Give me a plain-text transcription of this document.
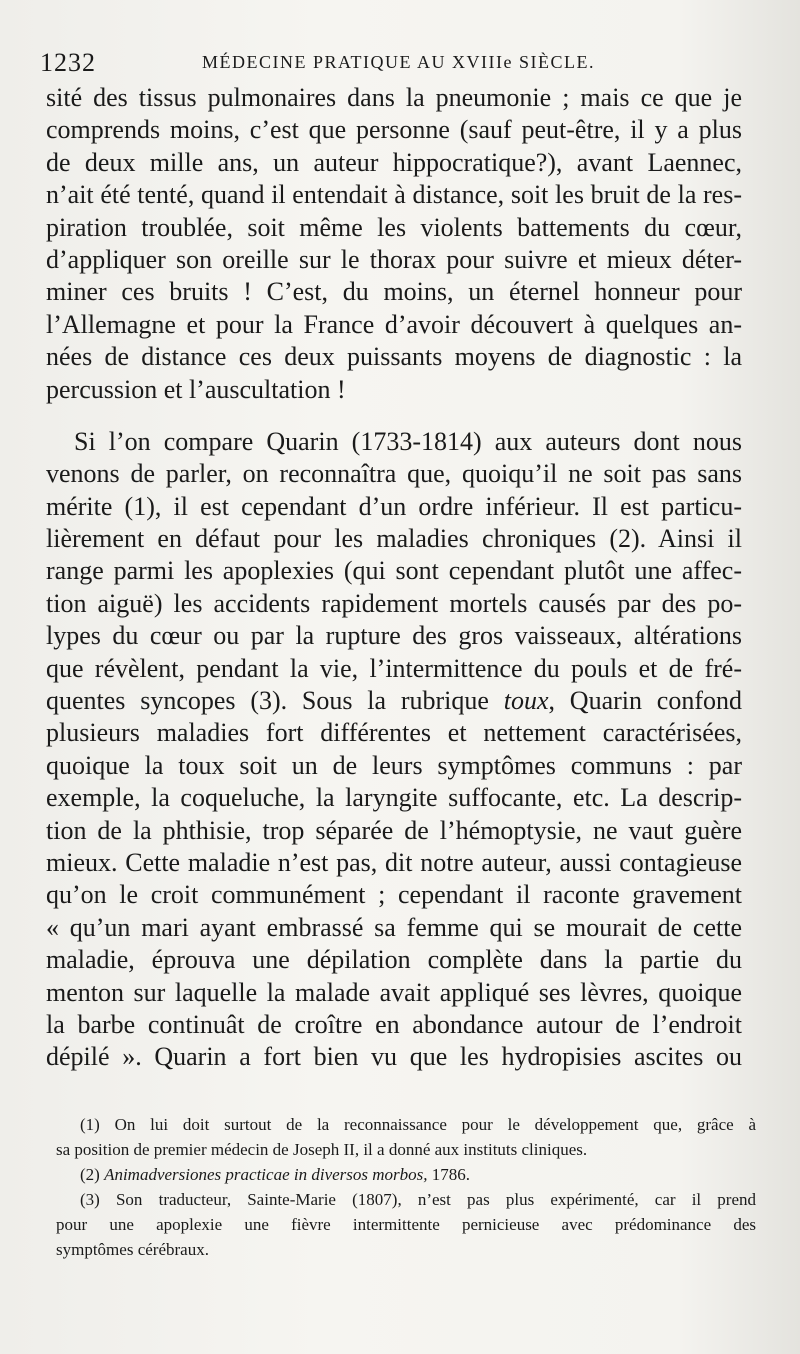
1232	MÉDECINE PRATIQUE AU XVIIIe SIÈCLE.
sité des tissus pulmonaires dans la pneumonie ; mais ce que je
comprends moins, c’est que personne (sauf peut-être, il y a plus
de deux mille ans, un auteur hippocratique?), avant Laennec,
n’ait été tenté, quand il entendait à distance, soit les bruit de la res-
piration troublée, soit même les violents battements du cœur,
d’appliquer son oreille sur le thorax pour suivre et mieux déter-
miner ces bruits ! C’est, du moins, un éternel honneur pour
l’Allemagne et pour la France d’avoir découvert à quelques an-
nées de distance ces deux puissants moyens de diagnostic : la
percussion et l’auscultation !
Si l’on compare Quarin (1733-1814) aux auteurs dont nous
venons de parler, on reconnaîtra que, quoiqu’il ne soit pas sans
mérite (1), il est cependant d’un ordre inférieur. Il est particu-
lièrement en défaut pour les maladies chroniques (2). Ainsi il
range parmi les apoplexies (qui sont cependant plutôt une affec-
tion aiguë) les accidents rapidement mortels causés par des po-
lypes du cœur ou par la rupture des gros vaisseaux, altérations
que révèlent, pendant la vie, l’intermittence du pouls et de fré-
quentes syncopes (3). Sous la rubrique toux, Quarin confond
plusieurs maladies fort différentes et nettement caractérisées,
quoique la toux soit un de leurs symptômes communs : par
exemple, la coqueluche, la laryngite suffocante, etc. La descrip-
tion de la phthisie, trop séparée de l’hémoptysie, ne vaut guère
mieux. Cette maladie n’est pas, dit notre auteur, aussi contagieuse
qu’on le croit communément ; cependant il raconte gravement
« qu’un mari ayant embrassé sa femme qui se mourait de cette
maladie, éprouva une dépilation complète dans la partie du
menton sur laquelle la malade avait appliqué ses lèvres, quoique
la barbe continuât de croître en abondance autour de l’endroit
dépilé ». Quarin a fort bien vu que les hydropisies ascites ou
(1) On lui doit surtout de la reconnaissance pour le développement que, grâce à
sa position de premier médecin de Joseph II, il a donné aux instituts cliniques.
(2) Animadversiones practicae in diversos morbos, 1786.
(3) Son traducteur, Sainte-Marie (1807), n’est pas plus expérimenté, car il prend
pour une apoplexie une fièvre intermittente pernicieuse avec prédominance des
symptômes cérébraux.
